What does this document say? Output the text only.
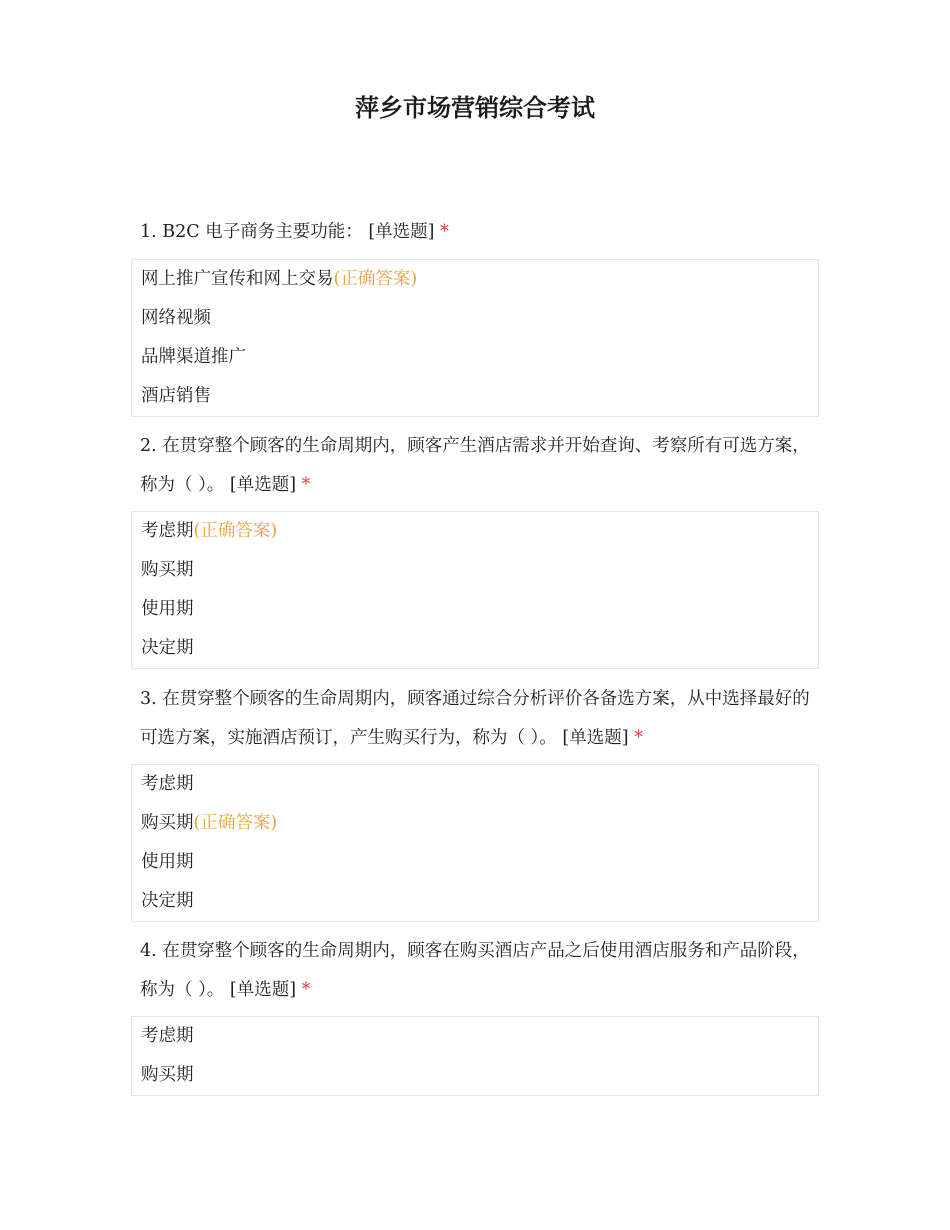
萍乡市场营销综合考试
1. B2C 电子商务主要功能： [单选题] *
网上推广宣传和网上交易(正确答案)
网络视频
品牌渠道推广
酒店销售
2. 在贯穿整个顾客的生命周期内，顾客产生酒店需求并开始查询、考察所有可选方案，称为（ ）。 [单选题] *
考虑期(正确答案)
购买期
使用期
决定期
3. 在贯穿整个顾客的生命周期内，顾客通过综合分析评价各备选方案，从中选择最好的可选方案，实施酒店预订，产生购买行为，称为（ ）。 [单选题] *
考虑期
购买期(正确答案)
使用期
决定期
4. 在贯穿整个顾客的生命周期内，顾客在购买酒店产品之后使用酒店服务和产品阶段，称为（ ）。 [单选题] *
考虑期
购买期
